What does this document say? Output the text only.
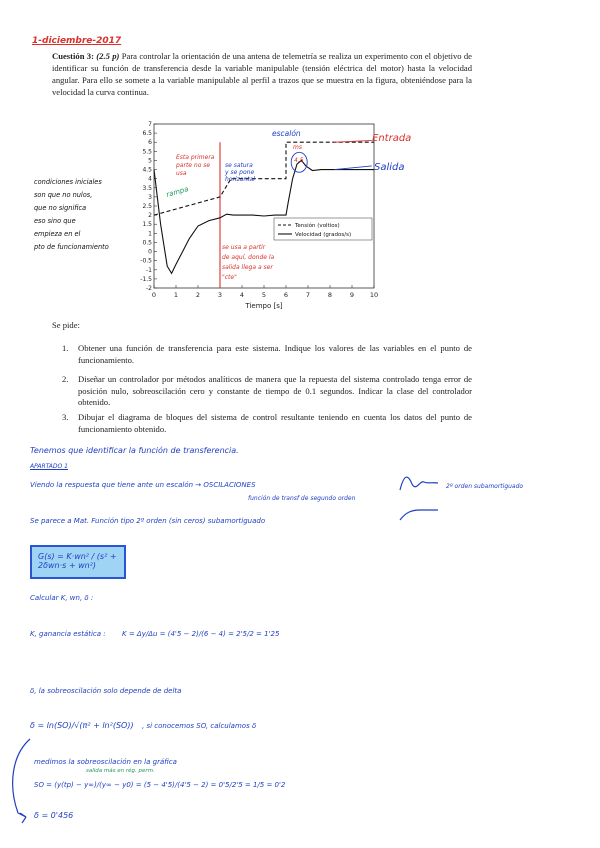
1-diciembre-2017
Cuestión 3: (2.5 p) Para controlar la orientación de una antena de telemetría se realiza un experimento con el objetivo de identificar su función de transferencia desde la variable manipulable (tensión eléctrica del motor) hasta la velocidad angular. Para ello se somete a la variable manipulable al perfil a trazos que se muestra en la figura, obteniéndose para la velocidad la curva continua.
condiciones iniciales
son que no nulos,
que no significa
eso sino que
empieza en el
pto de funcionamiento
0	1	2	3	4	5	6	7	8	9 10
-2
-1.5
-1
-0.5
0
0.5
1
1.5
2
2.5
3
3.5
4
4.5
5
5.5
6
6.5
7
Tiempo [s]
Tensión (voltios)
Velocidad (grados/s)
Entrada
Salida
escalón
rampa
ms
4.5
Esta primera
parte no se
usa
se satura
y se pone
horizontal
se usa a partir
de aquí, donde la
salida llega a ser
"cte"
Se pide:
1. Obtener una función de transferencia para este sistema. Indique los valores de las variables en el punto de funcionamiento.
2. Diseñar un controlador por métodos analíticos de manera que la repuesta del sistema controlado tenga error de posición nulo, sobreoscilación cero y constante de tiempo de 0.1 segundos. Indicar la clase del controlador obtenido.
3. Dibujar el diagrama de bloques del sistema de control resultante teniendo en cuenta los datos del punto de funcionamiento obtenido.
Tenemos que identificar la función de transferencia.
APARTADO 1
Viendo la respuesta que tiene ante un escalón → OSCILACIONES
función de transf de segundo orden
2º orden subamortiguado
Se parece a Mat. Función tipo 2º orden (sin ceros) subamortiguado
G(s) = K·wn² / (s² + 2δwn·s + wn²)
Calcular K, wn, δ :
K, ganancia estática : K = Δy/Δu = (4'5 − 2)/(6 − 4) = 2'5/2 = 1'25
δ, la sobreoscilación solo depende de delta
δ = ln(SO)/√(π² + ln²(SO)) , si conocemos SO, calculamos δ
medimos la sobreoscilación en la gráfica
salida más en rég. perm.
SO = (y(tp) − y∞)/(y∞ − y0) = (5 − 4'5)/(4'5 − 2) = 0'5/2'5 = 1/5 = 0'2
δ = 0'456
